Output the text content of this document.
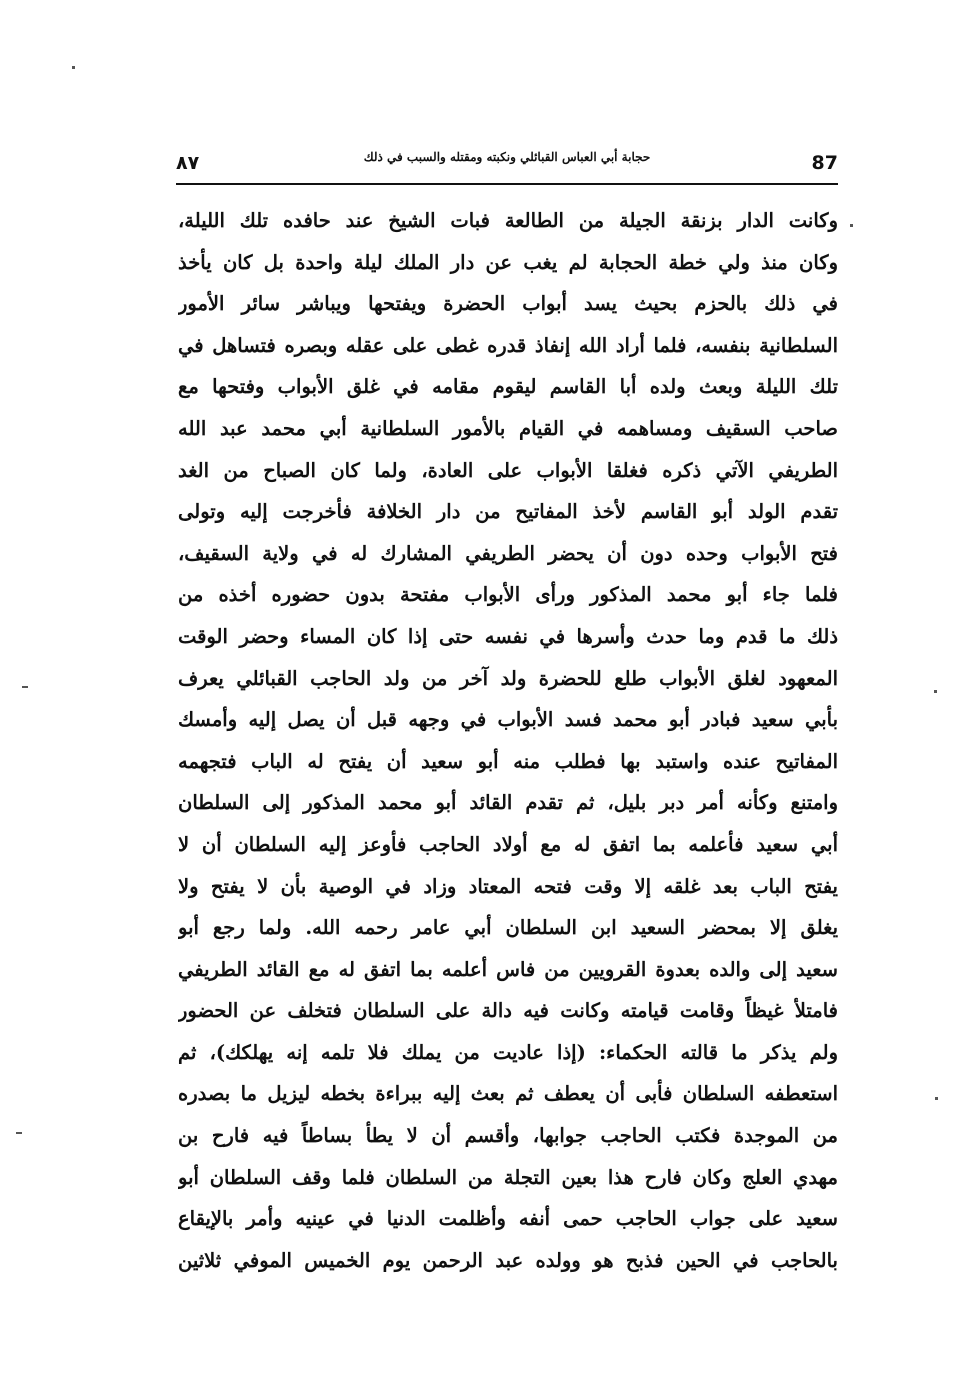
87
حجابة أبي العباس القبائلي ونكبته ومقتله والسبب في ذلك
٨٧
وكانت الدار بزنقة الجيلة من الطالعة فبات الشيخ عند حافده تلك الليلة،
وكان منذ ولي خطة الحجابة لم يغب عن دار الملك ليلة واحدة بل كان يأخذ
في ذلك بالحزم بحيث يسد أبواب الحضرة ويفتحها ويباشر سائر الأمور
السلطانية بنفسه، فلما أراد الله إنفاذ قدره غطى على عقله وبصره فتساهل في
تلك الليلة وبعث ولده أبا القاسم ليقوم مقامه في غلق الأبواب وفتحها مع
صاحب السقيف ومساهمه في القيام بالأمور السلطانية أبي محمد عبد الله
الطريفي الآتي ذكره فغلقا الأبواب على العادة، ولما كان الصباح من الغد
تقدم الولد أبو القاسم لأخذ المفاتيح من دار الخلافة فأخرجت إليه وتولى
فتح الأبواب وحده دون أن يحضر الطريفي المشارك له في ولاية السقيف،
فلما جاء أبو محمد المذكور ورأى الأبواب مفتحة بدون حضوره أخذه من
ذلك ما قدم وما حدث وأسرها في نفسه حتى إذا كان المساء وحضر الوقت
المعهود لغلق الأبواب طلع للحضرة ولد آخر من ولد الحاجب القبائلي يعرف
بأبي سعيد فبادر أبو محمد فسد الأبواب في وجهه قبل أن يصل إليه وأمسك
المفاتيح عنده واستبد بها فطلب منه أبو سعيد أن يفتح له الباب فتجهمه
وامتنع وكأنه أمر دبر بليل، ثم تقدم القائد أبو محمد المذكور إلى السلطان
أبي سعيد فأعلمه بما اتفق له مع أولاد الحاجب فأوعز إليه السلطان أن لا
يفتح الباب بعد غلقه إلا وقت فتحه المعتاد وزاد في الوصية بأن لا يفتح ولا
يغلق إلا بمحضر السعيد ابن السلطان أبي عامر رحمه الله. ولما رجع أبو
سعيد إلى والده بعدوة القرويين من فاس أعلمه بما اتفق له مع القائد الطريفي
فامتلأ غيظاً وقامت قيامته وكانت فيه دالة على السلطان فتخلف عن الحضور
ولم يذكر ما قالته الحكماء: (إذا عاديت من يملك فلا تلمه إنه يهلكك)، ثم
استعطفه السلطان فأبى أن يعطف ثم بعث إليه ببراءة بخطه ليزيل ما بصدره
من الموجدة فكتب الحاجب جوابها، وأقسم أن لا يطأ بساطاً فيه فارح بن
مهدي العلج وكان فارح هذا بعين التجلة من السلطان فلما وقف السلطان أبو
سعيد على جواب الحاجب حمى أنفه وأظلمت الدنيا في عينيه وأمر بالإيقاع
بالحاجب في الحين فذبح هو وولده عبد الرحمن يوم الخميس الموفي ثلاثين
